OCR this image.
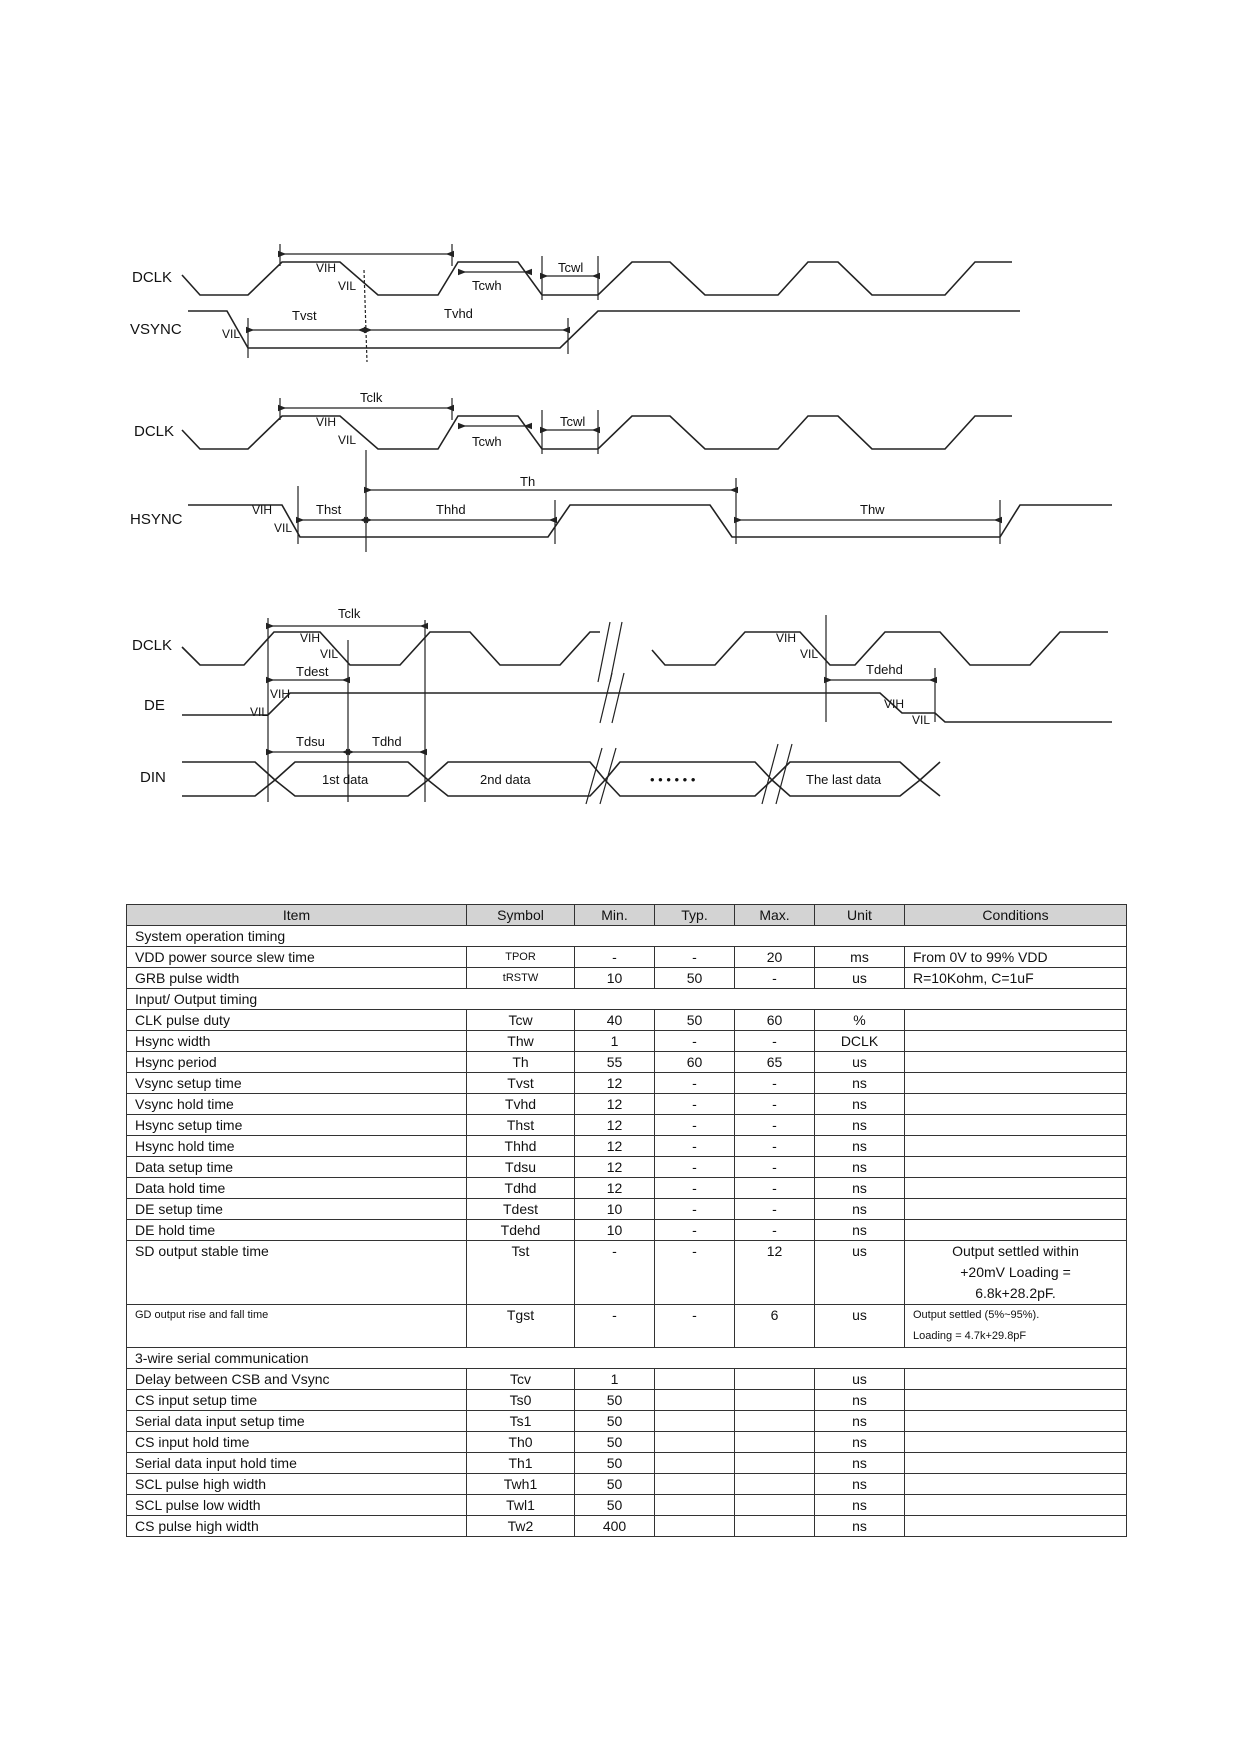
DCLK
VSYNC
Tvst	Tvhd
VIH
VIL
VIL
Tcwh
Tcwl
DCLK
HSYNC
Tclk
VIH
VIL	Tcwh
Tcwl
Th
Thst	Thhd	Thw
VIH
VIL
DCLK
DE
DIN
Tclk
VIH
VIL
Tdest
VIH
VIL
Tdehd
VIH
VIL
VIH
VIL
Tdsu	Tdhd
1st data	2nd data	• • • • • •	The last data
Item	Symbol	Min.	Typ.	Max.	Unit	Conditions
System operation timing						
VDD power source slew time	TPOR	-	-	20	ms	From 0V to 99% VDD
GRB pulse width	tRSTW	10	50	-	us	R=10Kohm, C=1uF
Input/ Output timing						
CLK pulse duty	Tcw	40	50	60	%	
Hsync width	Thw	1	-	-	DCLK	
Hsync period	Th	55	60	65	us	
Vsync setup time	Tvst	12	-	-	ns	
Vsync hold time	Tvhd	12	-	-	ns	
Hsync setup time	Thst	12	-	-	ns	
Hsync hold time	Thhd	12	-	-	ns	
Data setup time	Tdsu	12	-	-	ns	
Data hold time	Tdhd	12	-	-	ns	
DE setup time	Tdest	10	-	-	ns	
DE hold time	Tdehd	10	-	-	ns	
SD output stable time	Tst	-	-	12	us	Output settled within
+20mV Loading =
6.8k+28.2pF.
GD output rise and fall time	Tgst	-	-	6	us	Output settled (5%~95%).
Loading = 4.7k+29.8pF
3-wire serial communication						
Delay between CSB and Vsync	Tcv	1			us	
CS input setup time	Ts0	50			ns	
Serial data input setup time	Ts1	50			ns	
CS input hold time	Th0	50			ns	
Serial data input hold time	Th1	50			ns	
SCL pulse high width	Twh1	50			ns	
SCL pulse low width	Twl1	50			ns	
CS pulse high width	Tw2	400			ns	
